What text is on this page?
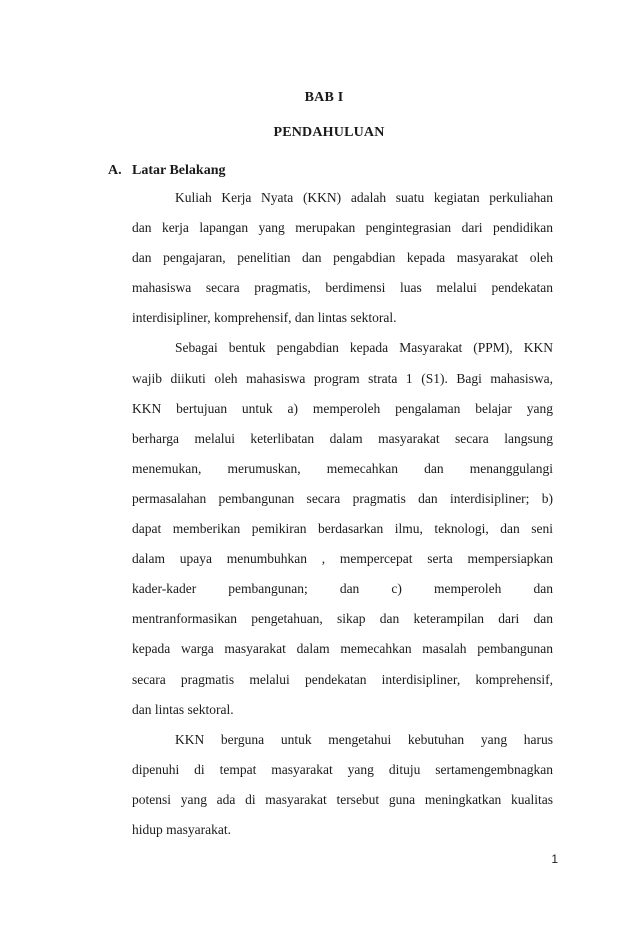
BAB I
PENDAHULUAN
A. Latar Belakang
Kuliah Kerja Nyata (KKN) adalah suatu kegiatan perkuliahan
dan kerja lapangan yang merupakan pengintegrasian dari pendidikan
dan pengajaran, penelitian dan pengabdian kepada masyarakat oleh
mahasiswa secara pragmatis, berdimensi luas melalui pendekatan
interdisipliner, komprehensif, dan lintas sektoral.
Sebagai bentuk pengabdian kepada Masyarakat (PPM), KKN
wajib diikuti oleh mahasiswa program strata 1 (S1). Bagi mahasiswa,
KKN bertujuan untuk a) memperoleh pengalaman belajar yang
berharga melalui keterlibatan dalam masyarakat secara langsung
menemukan, merumuskan, memecahkan dan menanggulangi
permasalahan pembangunan secara pragmatis dan interdisipliner; b)
dapat memberikan pemikiran berdasarkan ilmu, teknologi, dan seni
dalam upaya menumbuhkan , mempercepat serta mempersiapkan
kader-kader pembangunan; dan c) memperoleh dan
mentranformasikan pengetahuan, sikap dan keterampilan dari dan
kepada warga masyarakat dalam memecahkan masalah pembangunan
secara pragmatis melalui pendekatan interdisipliner, komprehensif,
dan lintas sektoral.
KKN berguna untuk mengetahui kebutuhan yang harus
dipenuhi di tempat masyarakat yang dituju sertamengembnagkan
potensi yang ada di masyarakat tersebut guna meningkatkan kualitas
hidup masyarakat.
1
